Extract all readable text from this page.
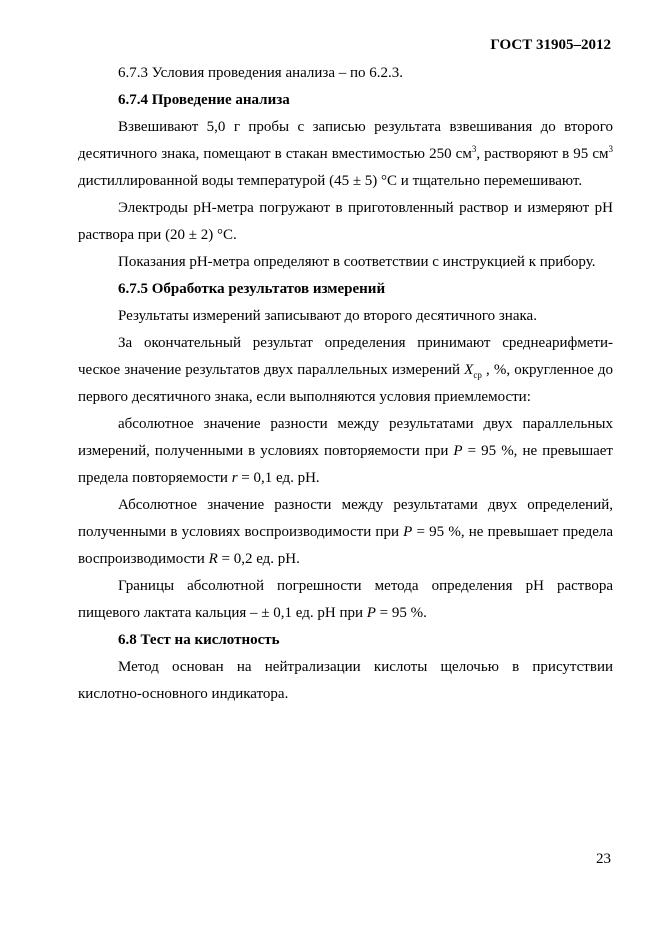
ГОСТ 31905–2012

6.7.3 Условия проведения анализа – по 6.2.3.

6.7.4 Проведение анализа

Взвешивают 5,0 г пробы с записью результата взвешивания до второго десятичного знака, помещают в стакан вместимостью 250 $см^3$, растворяют в 95 $см^3$ дистиллированной воды температурой (45 ± 5) °С и тщательно перемешивают.

Электроды рН-метра погружают в приготовленный раствор и измеряют рН раствора при (20 ± 2) °С.

Показания рН-метра определяют в соответствии с инструкцией к прибору.

6.7.5 Обработка результатов измерений

Результаты измерений записывают до второго десятичного знака.

За окончательный результат определения принимают среднеарифмети-ческое значение результатов двух параллельных измерений $X_{ср}$ , %, округленное до первого десятичного знака, если выполняются условия приемлемости:

абсолютное значение разности между результатами двух параллельных измерений, полученными в условиях повторяемости при Р = 95 %, не превышает предела повторяемости r = 0,1 ед. рН.

Абсолютное значение разности между результатами двух определений, полученными в условиях воспроизводимости при Р = 95 %, не превышает предела воспроизводимости R = 0,2 ед. рН.

Границы абсолютной погрешности метода определения рН раствора пищевого лактата кальция – ± 0,1 ед. рН при Р = 95 %.

6.8 Тест на кислотность

Метод основан на нейтрализации кислоты щелочью в присутствии кислотно-основного индикатора.

23
